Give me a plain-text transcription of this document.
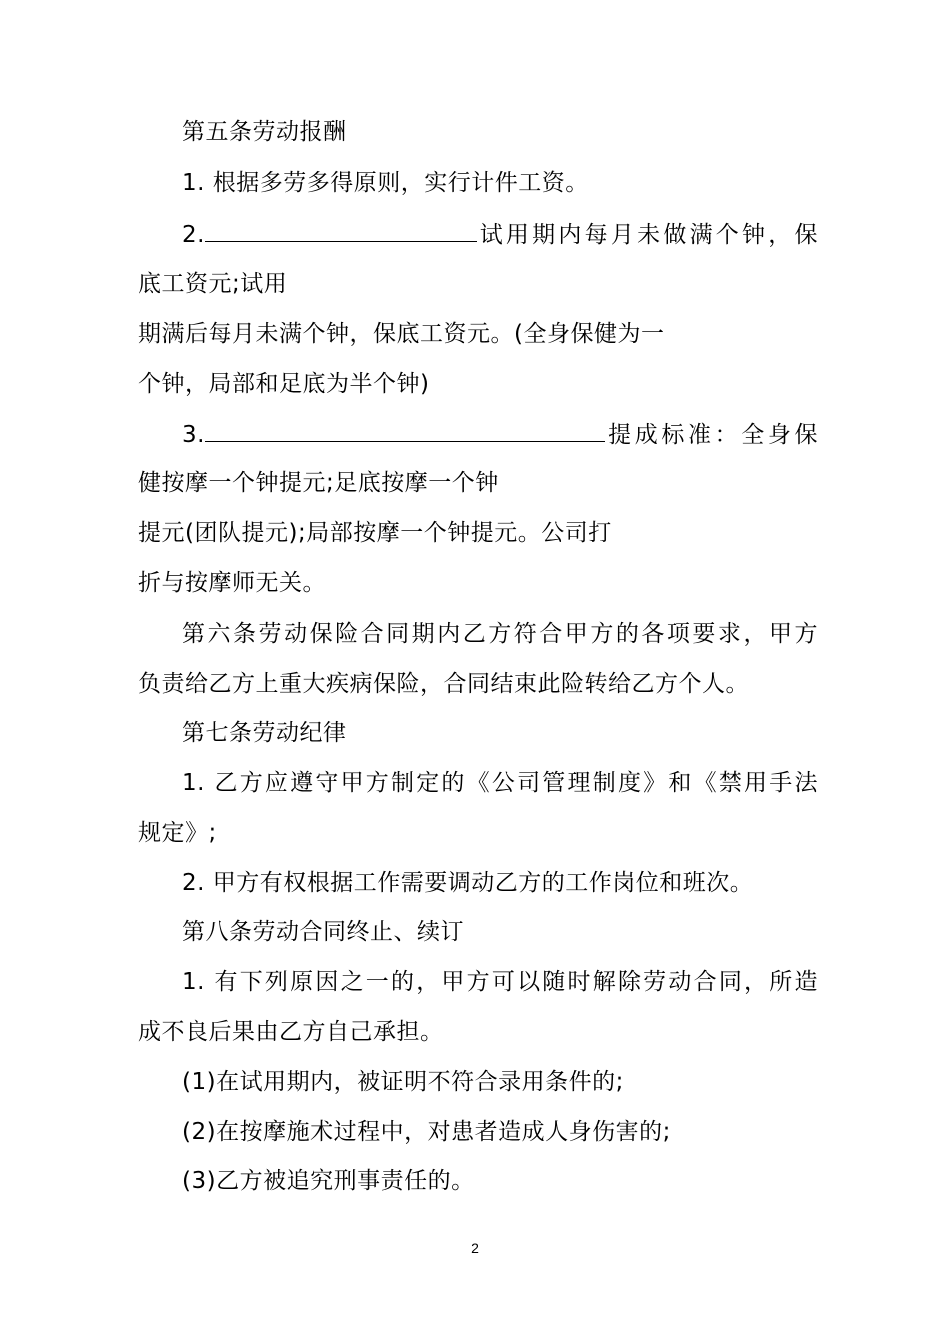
第五条劳动报酬
1. 根据多劳多得原则，实行计件工资。
2.	试用期内每月未做满个钟，保
底工资元;试用
期满后每月未满个钟，保底工资元。(全身保健为一
个钟，局部和足底为半个钟)
3.	提成标准：全身保
健按摩一个钟提元;足底按摩一个钟
提元(团队提元);局部按摩一个钟提元。公司打
折与按摩师无关。
第六条劳动保险合同期内乙方符合甲方的各项要求，甲方
负责给乙方上重大疾病保险，合同结束此险转给乙方个人。
第七条劳动纪律
1. 乙方应遵守甲方制定的《公司管理制度》和《禁用手法
规定》;
2. 甲方有权根据工作需要调动乙方的工作岗位和班次。
第八条劳动合同终止、续订
1. 有下列原因之一的，甲方可以随时解除劳动合同，所造
成不良后果由乙方自己承担。
(1)在试用期内，被证明不符合录用条件的;
(2)在按摩施术过程中，对患者造成人身伤害的;
(3)乙方被追究刑事责任的。
2
